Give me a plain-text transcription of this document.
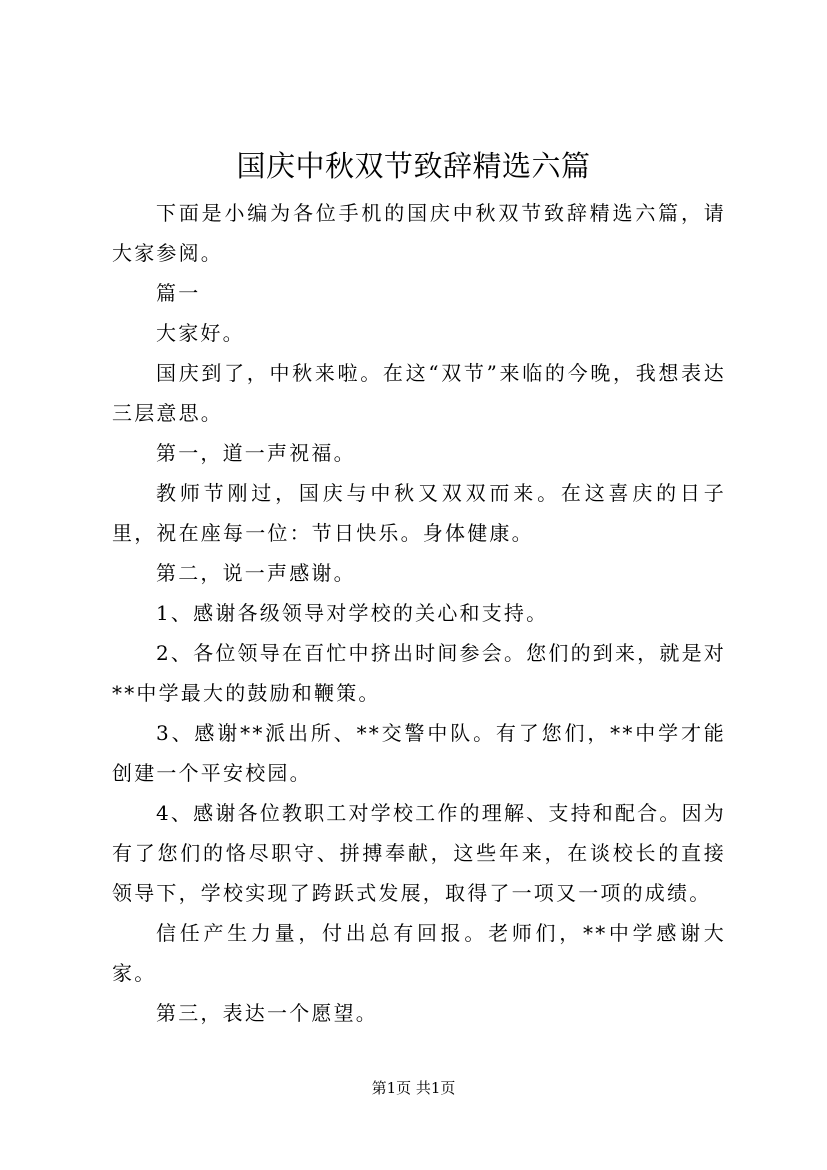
国庆中秋双节致辞精选六篇

下面是小编为各位手机的国庆中秋双节致辞精选六篇，请大家参阅。

篇一

大家好。

国庆到了，中秋来啦。在这“双节”来临的今晚，我想表达三层意思。

第一，道一声祝福。

教师节刚过，国庆与中秋又双双而来。在这喜庆的日子里，祝在座每一位：节日快乐。身体健康。

第二，说一声感谢。

1、感谢各级领导对学校的关心和支持。

2、各位领导在百忙中挤出时间参会。您们的到来，就是对**中学最大的鼓励和鞭策。

3、感谢**派出所、**交警中队。有了您们，**中学才能创建一个平安校园。

4、感谢各位教职工对学校工作的理解、支持和配合。因为有了您们的恪尽职守、拼搏奉献，这些年来，在谈校长的直接领导下，学校实现了跨跃式发展，取得了一项又一项的成绩。

信任产生力量，付出总有回报。老师们，**中学感谢大家。

第三，表达一个愿望。

第1页 共1页
